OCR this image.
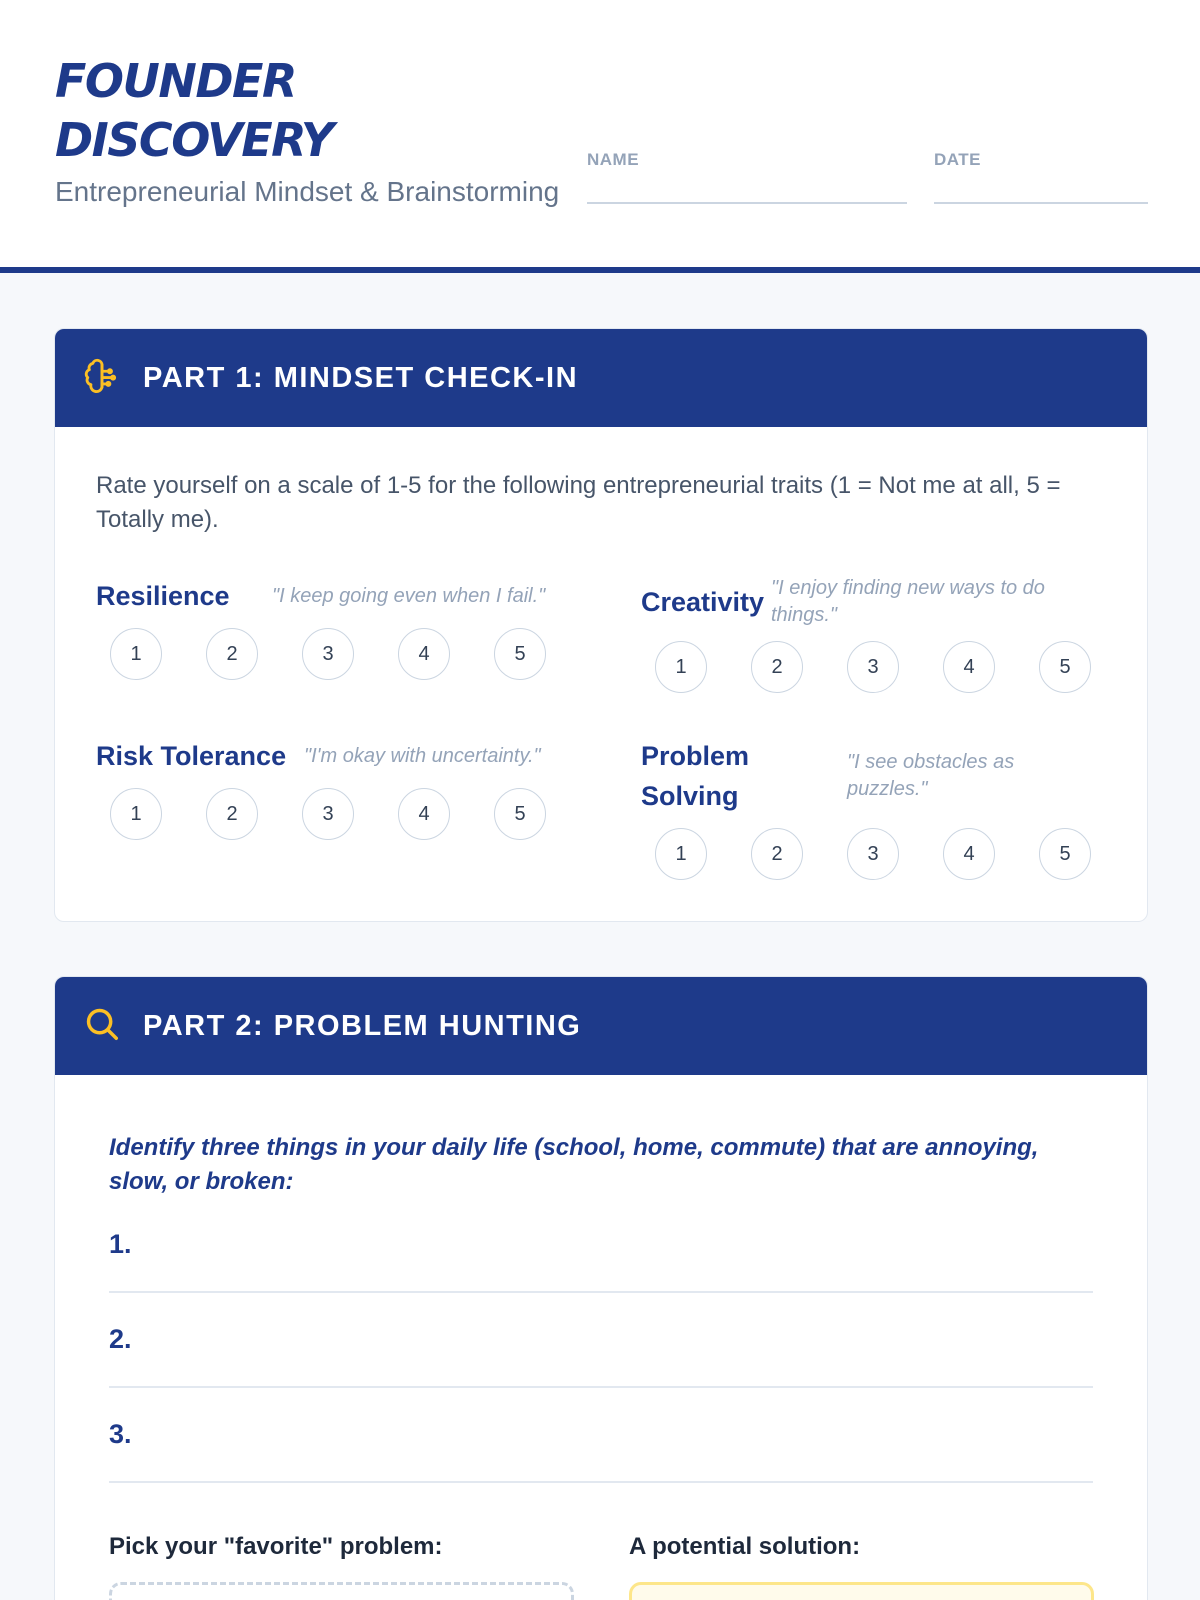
FOUNDER
DISCOVERY
Entrepreneurial Mindset & Brainstorming
NAME	DATE
PART 1: MINDSET CHECK-IN
Rate yourself on a scale of 1-5 for the following entrepreneurial traits (1 = Not me at all, 5 = Totally me).
Resilience "I keep going even when I fail."
1	2	3	4	5
Creativity "I enjoy finding new ways to do things."
1	2	3	4	5
Risk Tolerance "I'm okay with uncertainty."
1	2	3	4	5
Problem Solving
"I see obstacles as puzzles."
1	2	3	4	5
PART 2: PROBLEM HUNTING
Identify three things in your daily life (school, home, commute) that are annoying, slow, or broken:
1.
2.
3.
Pick your "favorite" problem:	A potential solution:
